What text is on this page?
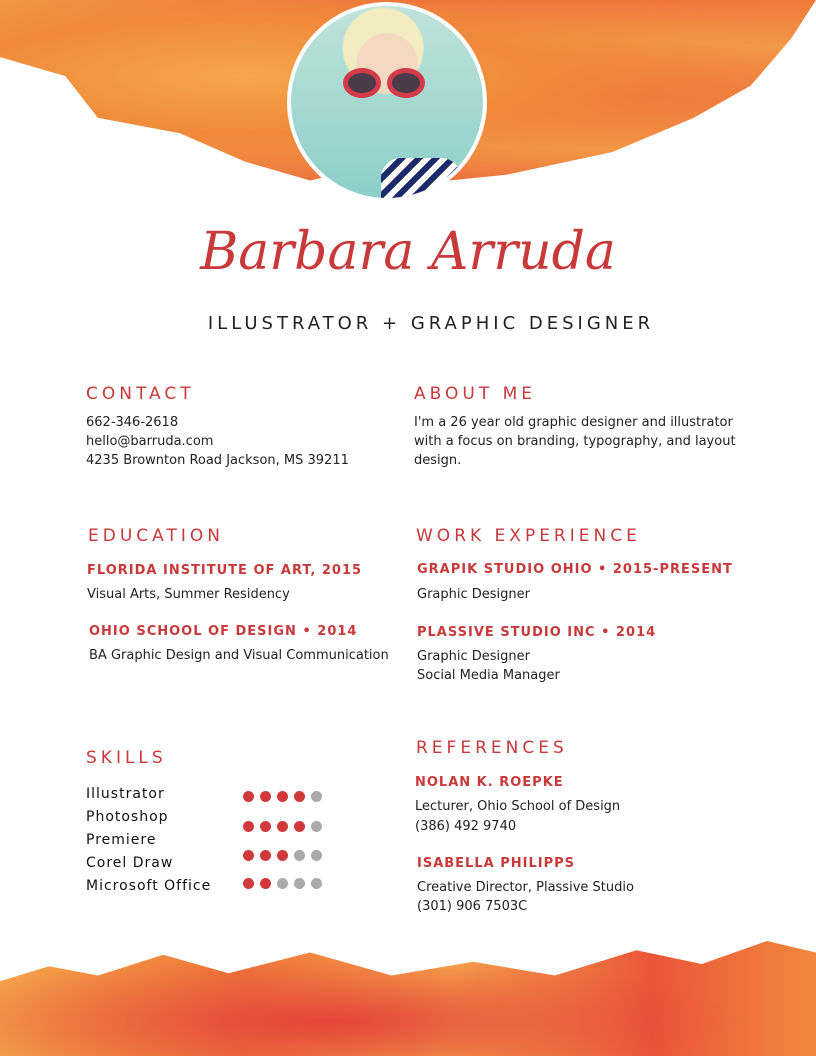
Barbara Arruda
ILLUSTRATOR + GRAPHIC DESIGNER
CONTACT
662-346-2618
hello@barruda.com
4235 Brownton Road Jackson, MS 39211
ABOUT ME
I'm a 26 year old graphic designer and illustrator
with a focus on branding, typography, and layout
design.
EDUCATION
FLORIDA INSTITUTE OF ART, 2015
Visual Arts, Summer Residency
OHIO SCHOOL OF DESIGN • 2014
BA Graphic Design and Visual Communication
WORK EXPERIENCE
GRAPIK STUDIO OHIO • 2015-PRESENT
Graphic Designer
PLASSIVE STUDIO INC • 2014
Graphic Designer
Social Media Manager
SKILLS
Illustrator
Photoshop
Premiere
Corel Draw
Microsoft Office
REFERENCES
NOLAN K. ROEPKE
Lecturer, Ohio School of Design
(386) 492 9740
ISABELLA PHILIPPS
Creative Director, Plassive Studio
(301) 906 7503C
